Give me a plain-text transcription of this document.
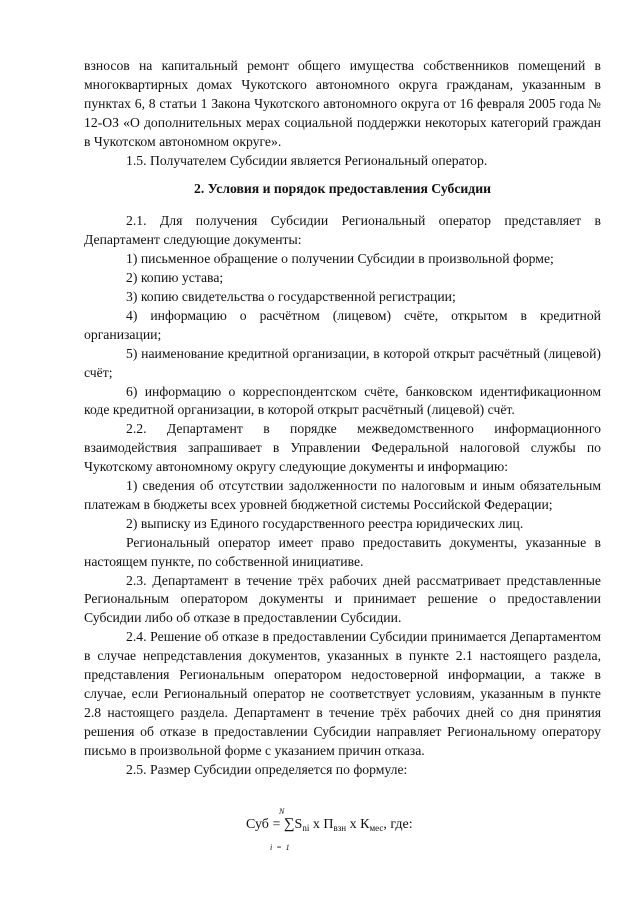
взносов на капитальный ремонт общего имущества собственников помещений в многоквартирных домах Чукотского автономного округа гражданам, указанным в пунктах 6, 8 статьи 1 Закона Чукотского автономного округа от 16 февраля 2005 года № 12-ОЗ «О дополнительных мерах социальной поддержки некоторых категорий граждан в Чукотском автономном округе».

1.5. Получателем Субсидии является Региональный оператор.

2. Условия и порядок предоставления Субсидии

2.1. Для получения Субсидии Региональный оператор представляет в Департамент следующие документы:

1) письменное обращение о получении Субсидии в произвольной форме;

2) копию устава;

3) копию свидетельства о государственной регистрации;

4) информацию о расчётном (лицевом) счёте, открытом в кредитной организации;

5) наименование кредитной организации, в которой открыт расчётный (лицевой) счёт;

6) информацию о корреспондентском счёте, банковском идентификационном коде кредитной организации, в которой открыт расчётный (лицевой) счёт.

2.2. Департамент в порядке межведомственного информационного взаимодействия запрашивает в Управлении Федеральной налоговой службы по Чукотскому автономному округу следующие документы и информацию:

1) сведения об отсутствии задолженности по налоговым и иным обязательным платежам в бюджеты всех уровней бюджетной системы Российской Федерации;

2) выписку из Единого государственного реестра юридических лиц.

Региональный оператор имеет право предоставить документы, указанные в настоящем пункте, по собственной инициативе.

2.3. Департамент в течение трёх рабочих дней рассматривает представленные Региональным оператором документы и принимает решение о предоставлении Субсидии либо об отказе в предоставлении Субсидии.

2.4. Решение об отказе в предоставлении Субсидии принимается Департаментом в случае непредставления документов, указанных в пункте 2.1 настоящего раздела, представления Региональным оператором недостоверной информации, а также в случае, если Региональный оператор не соответствует условиям, указанным в пункте 2.8 настоящего раздела. Департамент в течение трёх рабочих дней со дня принятия решения об отказе в предоставлении Субсидии направляет Региональному оператору письмо в произвольной форме с указанием причин отказа.

2.5. Размер Субсидии определяется по формуле:

N
Суб = $\sum S_{ni}$ х $П_{взн}$ х $К_{мес}$, где:
i  =  1
